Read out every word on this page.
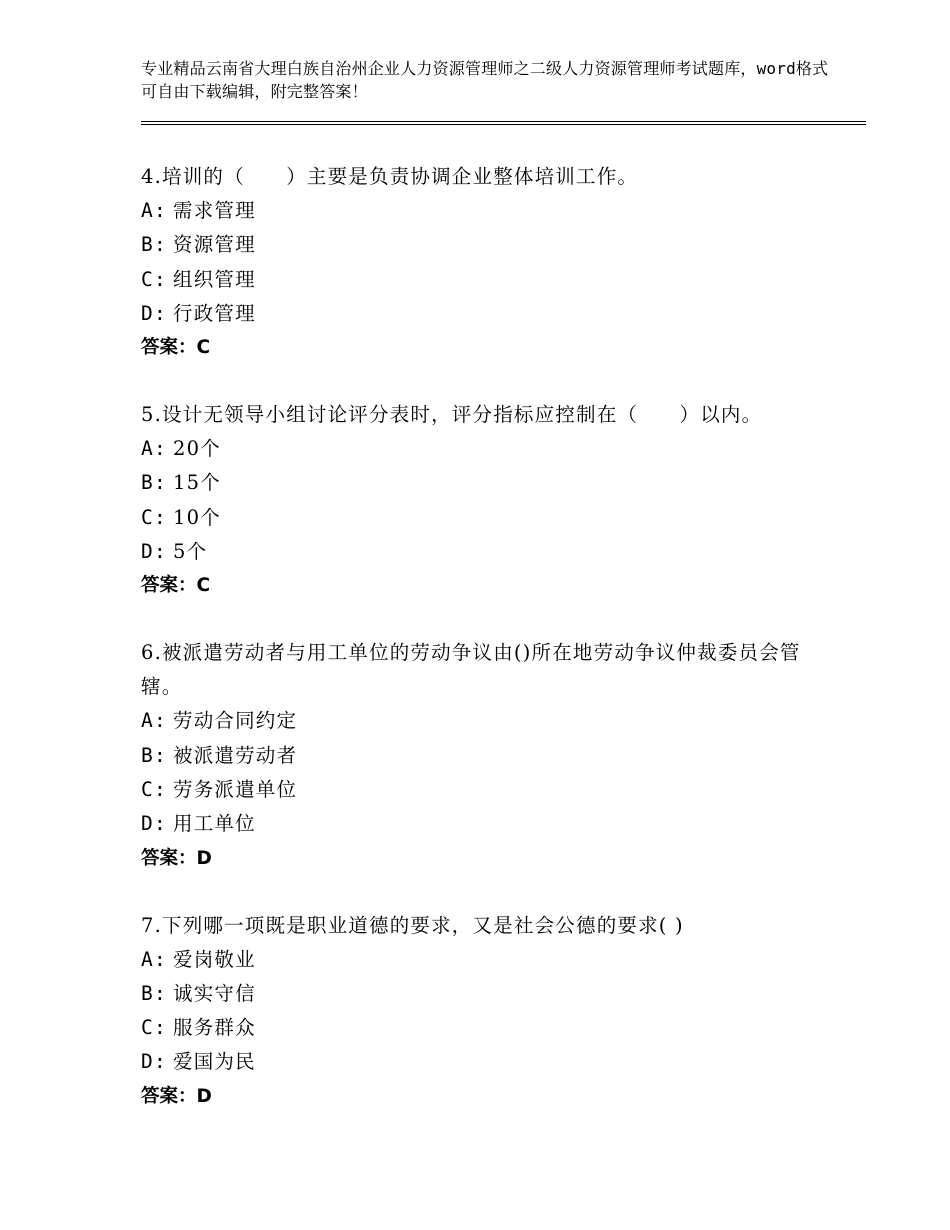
专业精品云南省大理白族自治州企业人力资源管理师之二级人力资源管理师考试题库，word格式可自由下载编辑，附完整答案！
4.培训的（　　）主要是负责协调企业整体培训工作。
A: 需求管理
B: 资源管理
C: 组织管理
D: 行政管理
答案：C
5.设计无领导小组讨论评分表时，评分指标应控制在（　　）以内。
A: 20个
B: 15个
C: 10个
D: 5个
答案：C
6.被派遣劳动者与用工单位的劳动争议由()所在地劳动争议仲裁委员会管辖。
A: 劳动合同约定
B: 被派遣劳动者
C: 劳务派遣单位
D: 用工单位
答案：D
7.下列哪一项既是职业道德的要求，又是社会公德的要求( )
A: 爱岗敬业
B: 诚实守信
C: 服务群众
D: 爱国为民
答案：D
